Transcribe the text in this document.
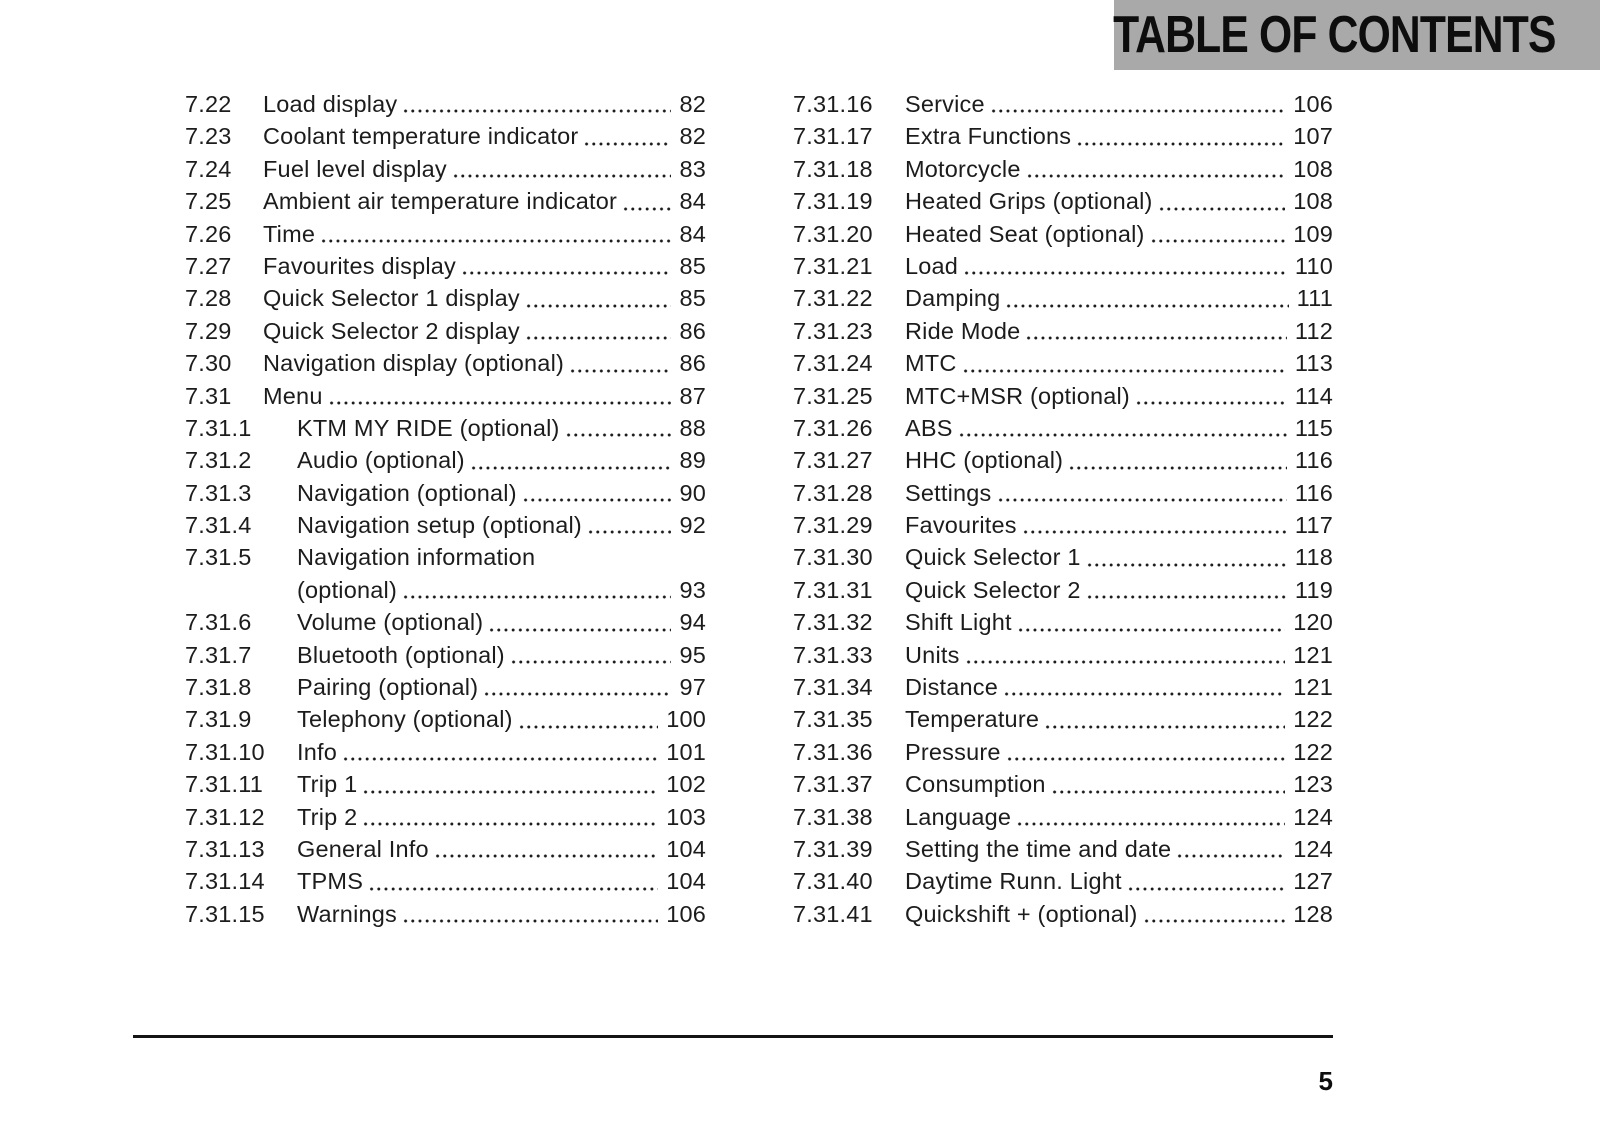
TABLE OF CONTENTS
7.22	Load display	82
7.23	Coolant temperature indicator	82
7.24	Fuel level display	83
7.25	Ambient air temperature indicator	84
7.26	Time	84
7.27	Favourites display	85
7.28	Quick Selector 1 display	85
7.29	Quick Selector 2 display	86
7.30	Navigation display (optional)	86
7.31	Menu	87
7.31.1	KTM MY RIDE (optional)	88
7.31.2	Audio (optional)	89
7.31.3	Navigation (optional)	90
7.31.4	Navigation setup (optional)	92
7.31.5	Navigation information
(optional)	93
7.31.6	Volume (optional)	94
7.31.7	Bluetooth (optional)	95
7.31.8	Pairing (optional)	97
7.31.9	Telephony (optional)	100
7.31.10	Info	101
7.31.11	Trip 1	102
7.31.12	Trip 2	103
7.31.13	General Info	104
7.31.14	TPMS	104
7.31.15	Warnings	106
7.31.16	Service	106
7.31.17	Extra Functions	107
7.31.18	Motorcycle	108
7.31.19	Heated Grips (optional)	108
7.31.20	Heated Seat (optional)	109
7.31.21	Load	110
7.31.22	Damping	111
7.31.23	Ride Mode	112
7.31.24	MTC	113
7.31.25	MTC+MSR (optional)	114
7.31.26	ABS	115
7.31.27	HHC (optional)	116
7.31.28	Settings	116
7.31.29	Favourites	117
7.31.30	Quick Selector 1	118
7.31.31	Quick Selector 2	119
7.31.32	Shift Light	120
7.31.33	Units	121
7.31.34	Distance	121
7.31.35	Temperature	122
7.31.36	Pressure	122
7.31.37	Consumption	123
7.31.38	Language	124
7.31.39	Setting the time and date	124
7.31.40	Daytime Runn. Light	127
7.31.41	Quickshift + (optional)	128
5
